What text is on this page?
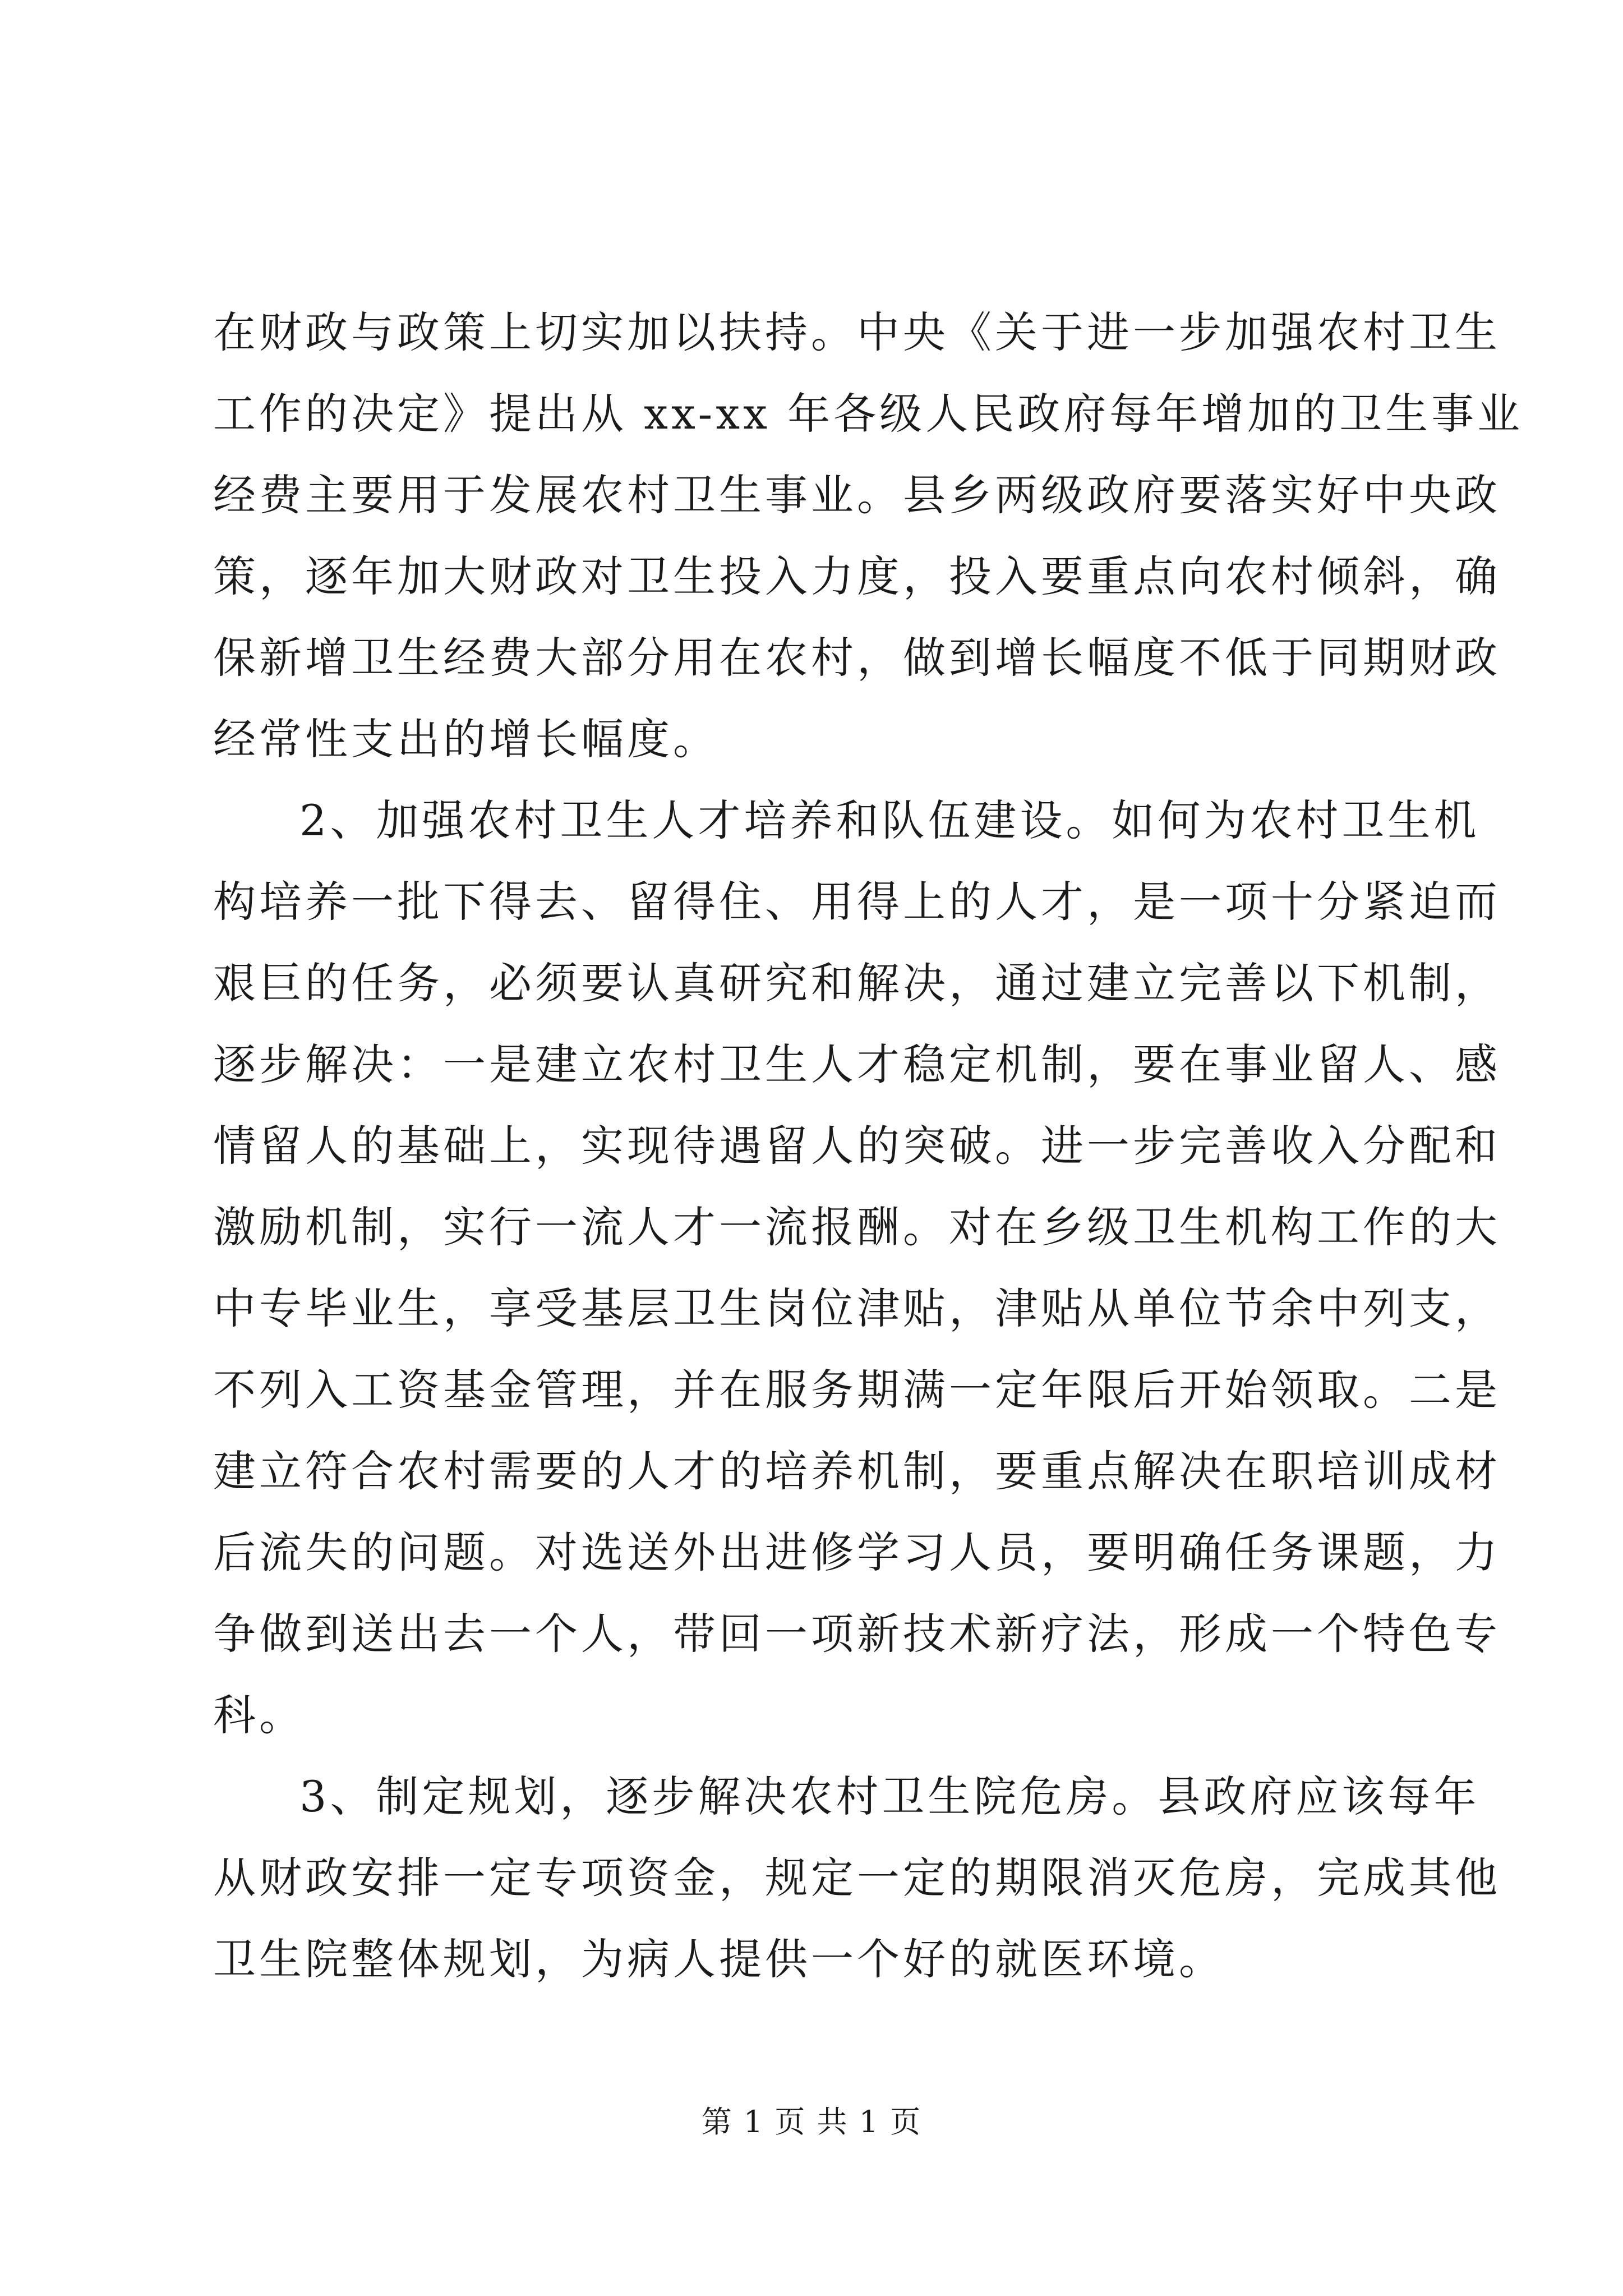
在财政与政策上切实加以扶持。中央《关于进一步加强农村卫生
工作的决定》提出从 xx-xx 年各级人民政府每年增加的卫生事业
经费主要用于发展农村卫生事业。县乡两级政府要落实好中央政
策，逐年加大财政对卫生投入力度，投入要重点向农村倾斜，确
保新增卫生经费大部分用在农村，做到增长幅度不低于同期财政
经常性支出的增长幅度。
2、加强农村卫生人才培养和队伍建设。如何为农村卫生机
构培养一批下得去、留得住、用得上的人才，是一项十分紧迫而
艰巨的任务，必须要认真研究和解决，通过建立完善以下机制，
逐步解决：一是建立农村卫生人才稳定机制，要在事业留人、感
情留人的基础上，实现待遇留人的突破。进一步完善收入分配和
激励机制，实行一流人才一流报酬。对在乡级卫生机构工作的大
中专毕业生，享受基层卫生岗位津贴，津贴从单位节余中列支，
不列入工资基金管理，并在服务期满一定年限后开始领取。二是
建立符合农村需要的人才的培养机制，要重点解决在职培训成材
后流失的问题。对选送外出进修学习人员，要明确任务课题，力
争做到送出去一个人，带回一项新技术新疗法，形成一个特色专
科。
3、制定规划，逐步解决农村卫生院危房。县政府应该每年
从财政安排一定专项资金，规定一定的期限消灭危房，完成其他
卫生院整体规划，为病人提供一个好的就医环境。
第 1 页 共 1 页
